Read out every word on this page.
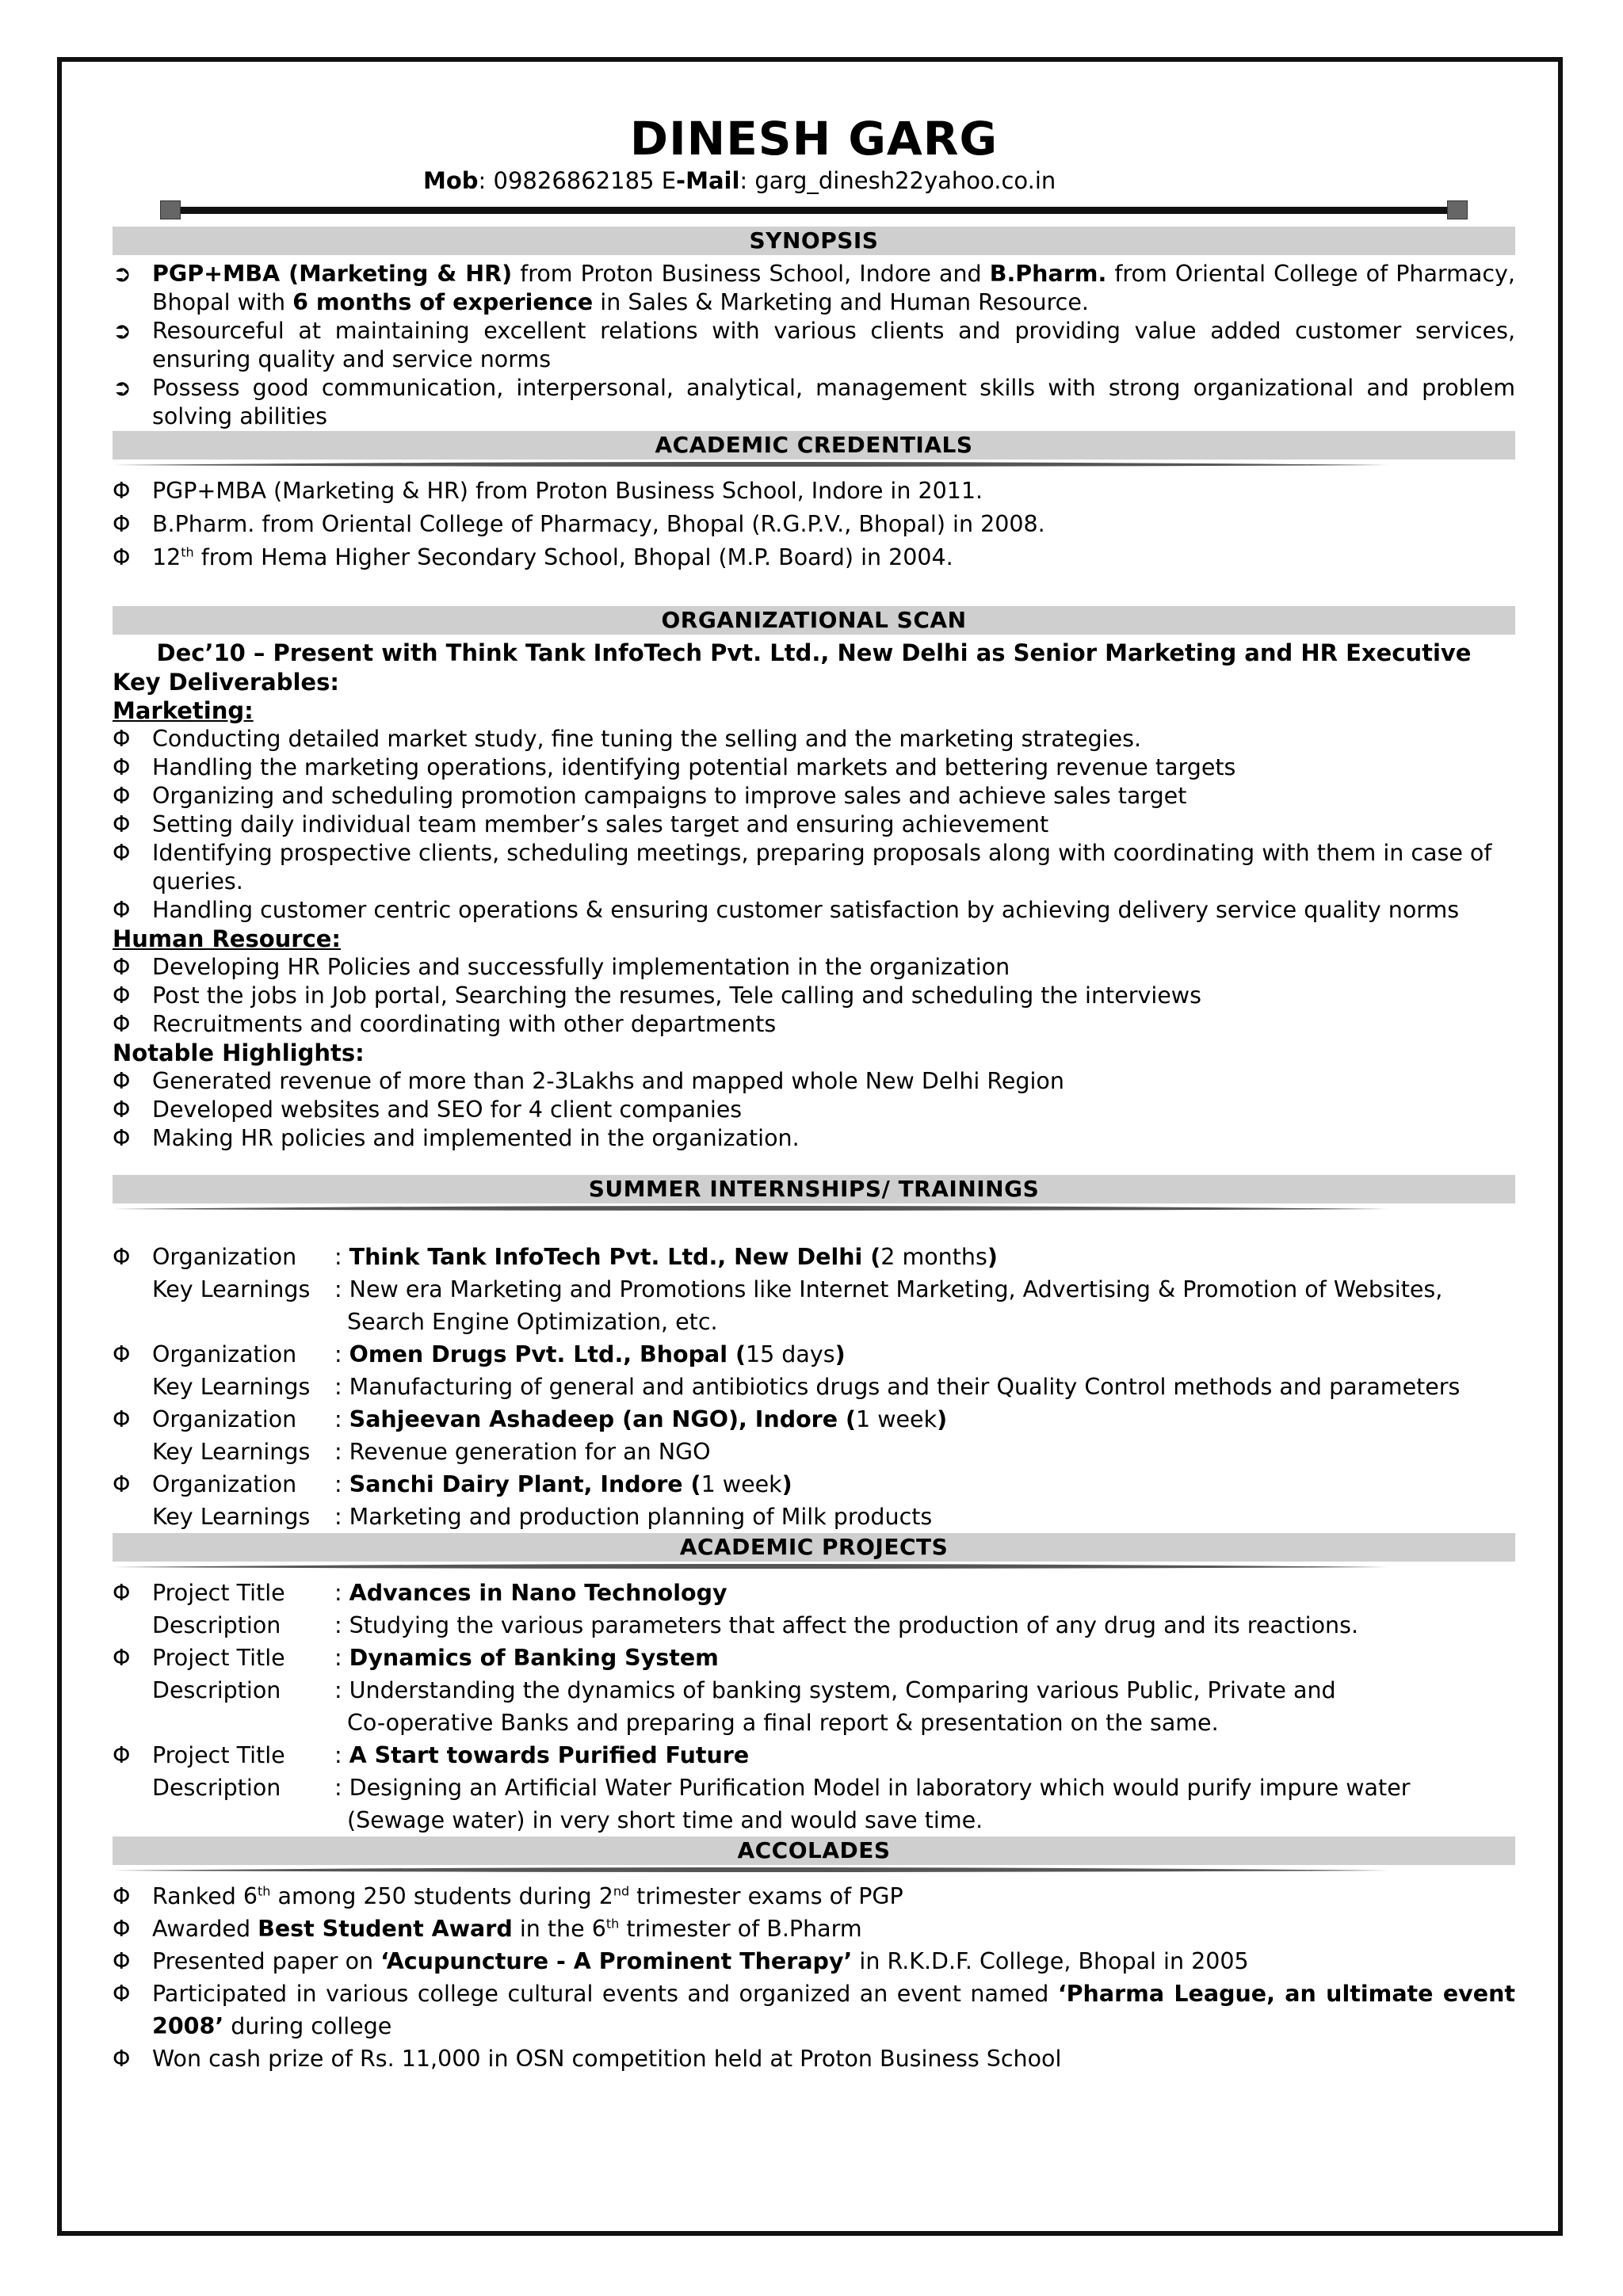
DINESH GARG

Mob: 09826862185 E-Mail: garg_dinesh22yahoo.co.in

SYNOPSIS
➲ PGP+MBA (Marketing & HR) from Proton Business School, Indore and B.Pharm. from Oriental College of Pharmacy, Bhopal with 6 months of experience in Sales & Marketing and Human Resource.
➲ Resourceful at maintaining excellent relations with various clients and providing value added customer services, ensuring quality and service norms
➲ Possess good communication, interpersonal, analytical, management skills with strong organizational and problem solving abilities
ACADEMIC CREDENTIALS
Φ PGP+MBA (Marketing & HR) from Proton Business School, Indore in 2011.
Φ B.Pharm. from Oriental College of Pharmacy, Bhopal (R.G.P.V., Bhopal) in 2008.
Φ 12th from Hema Higher Secondary School, Bhopal (M.P. Board) in 2004.
ORGANIZATIONAL SCAN
Dec’10 – Present with Think Tank InfoTech Pvt. Ltd., New Delhi as Senior Marketing and HR Executive
Key Deliverables:
Marketing:
Φ Conducting detailed market study, fine tuning the selling and the marketing strategies.
Φ Handling the marketing operations, identifying potential markets and bettering revenue targets
Φ Organizing and scheduling promotion campaigns to improve sales and achieve sales target
Φ Setting daily individual team member’s sales target and ensuring achievement
Φ Identifying prospective clients, scheduling meetings, preparing proposals along with coordinating with them in case of queries.
Φ Handling customer centric operations & ensuring customer satisfaction by achieving delivery service quality norms
Human Resource:
Φ Developing HR Policies and successfully implementation in the organization
Φ Post the jobs in Job portal, Searching the resumes, Tele calling and scheduling the interviews
Φ Recruitments and coordinating with other departments
Notable Highlights:
Φ Generated revenue of more than 2-3Lakhs and mapped whole New Delhi Region
Φ Developed websites and SEO for 4 client companies
Φ Making HR policies and implemented in the organization.
SUMMER INTERNSHIPS/ TRAININGS
Φ Organization : Think Tank InfoTech Pvt. Ltd., New Delhi (2 months)
Key Learnings : New era Marketing and Promotions like Internet Marketing, Advertising & Promotion of Websites,
Search Engine Optimization, etc.
Φ Organization : Omen Drugs Pvt. Ltd., Bhopal (15 days)
Key Learnings : Manufacturing of general and antibiotics drugs and their Quality Control methods and parameters
Φ Organization : Sahjeevan Ashadeep (an NGO), Indore (1 week)
Key Learnings : Revenue generation for an NGO
Φ Organization : Sanchi Dairy Plant, Indore (1 week)
Key Learnings : Marketing and production planning of Milk products
ACADEMIC PROJECTS
Φ Project Title : Advances in Nano Technology
Description : Studying the various parameters that affect the production of any drug and its reactions.
Φ Project Title : Dynamics of Banking System
Description : Understanding the dynamics of banking system, Comparing various Public, Private and
Co-operative Banks and preparing a final report & presentation on the same.
Φ Project Title : A Start towards Purified Future
Description : Designing an Artificial Water Purification Model in laboratory which would purify impure water
(Sewage water) in very short time and would save time.
ACCOLADES
Φ Ranked 6th among 250 students during 2nd trimester exams of PGP
Φ Awarded Best Student Award in the 6th trimester of B.Pharm
Φ Presented paper on ‘Acupuncture - A Prominent Therapy’ in R.K.D.F. College, Bhopal in 2005
Φ Participated in various college cultural events and organized an event named ‘Pharma League, an ultimate event 2008’ during college
Φ Won cash prize of Rs. 11,000 in OSN competition held at Proton Business School
